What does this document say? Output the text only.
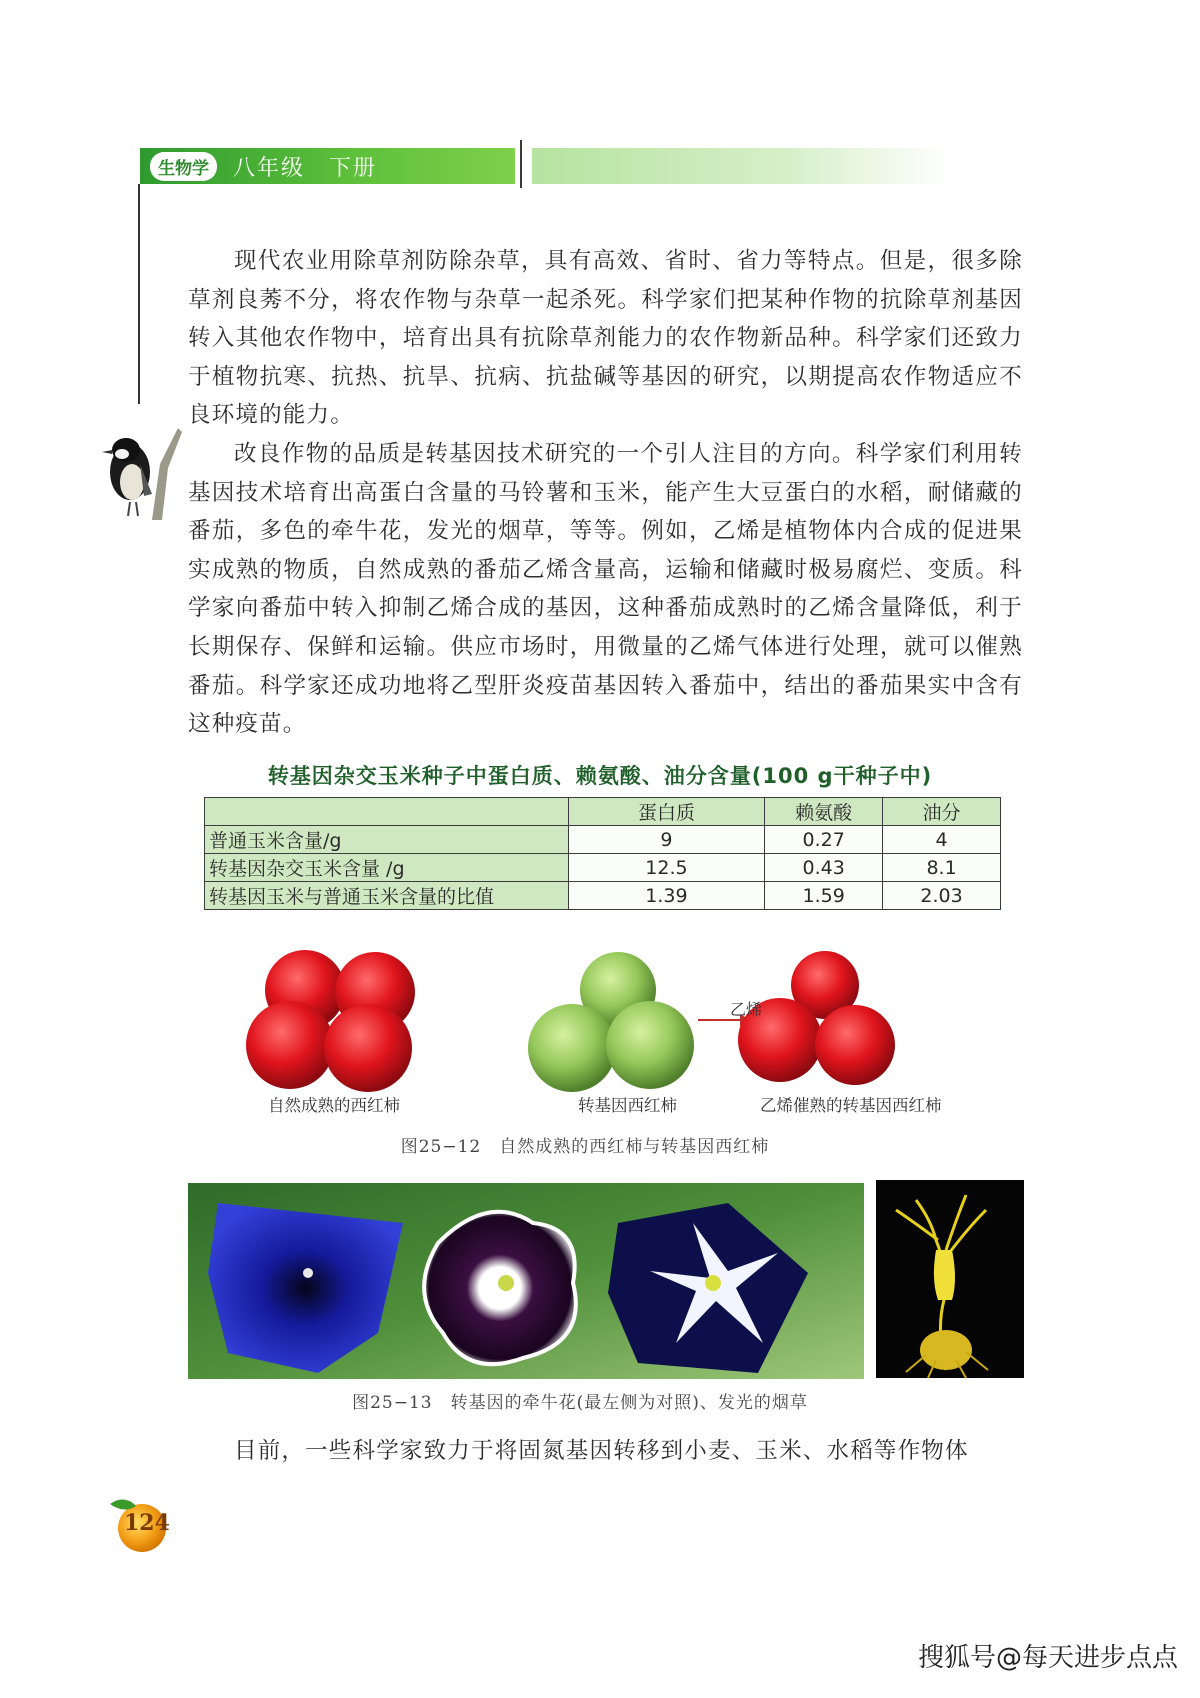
生物学	八年级　下册

现代农业用除草剂防除杂草，具有高效、省时、省力等特点。但是，很多除草剂良莠不分，将农作物与杂草一起杀死。科学家们把某种作物的抗除草剂基因转入其他农作物中，培育出具有抗除草剂能力的农作物新品种。科学家们还致力于植物抗寒、抗热、抗旱、抗病、抗盐碱等基因的研究，以期提高农作物适应不良环境的能力。

改良作物的品质是转基因技术研究的一个引人注目的方向。科学家们利用转基因技术培育出高蛋白含量的马铃薯和玉米，能产生大豆蛋白的水稻，耐储藏的番茄，多色的牵牛花，发光的烟草，等等。例如，乙烯是植物体内合成的促进果实成熟的物质，自然成熟的番茄乙烯含量高，运输和储藏时极易腐烂、变质。科学家向番茄中转入抑制乙烯合成的基因，这种番茄成熟时的乙烯含量降低，利于长期保存、保鲜和运输。供应市场时，用微量的乙烯气体进行处理，就可以催熟番茄。科学家还成功地将乙型肝炎疫苗基因转入番茄中，结出的番茄果实中含有这种疫苗。

转基因杂交玉米种子中蛋白质、赖氨酸、油分含量(100 g干种子中)
	蛋白质	赖氨酸	油分
普通玉米含量/g	9	0.27	4
转基因杂交玉米含量 /g	12.5	0.43	8.1
转基因玉米与普通玉米含量的比值	1.39	1.59	2.03
乙烯
自然成熟的西红柿	转基因西红柿	乙烯催熟的转基因西红柿
图25−12　自然成熟的西红柿与转基因西红柿
图25−13　转基因的牵牛花(最左侧为对照)、发光的烟草

目前，一些科学家致力于将固氮基因转移到小麦、玉米、水稻等作物体

124
搜狐号@每天进步点点
